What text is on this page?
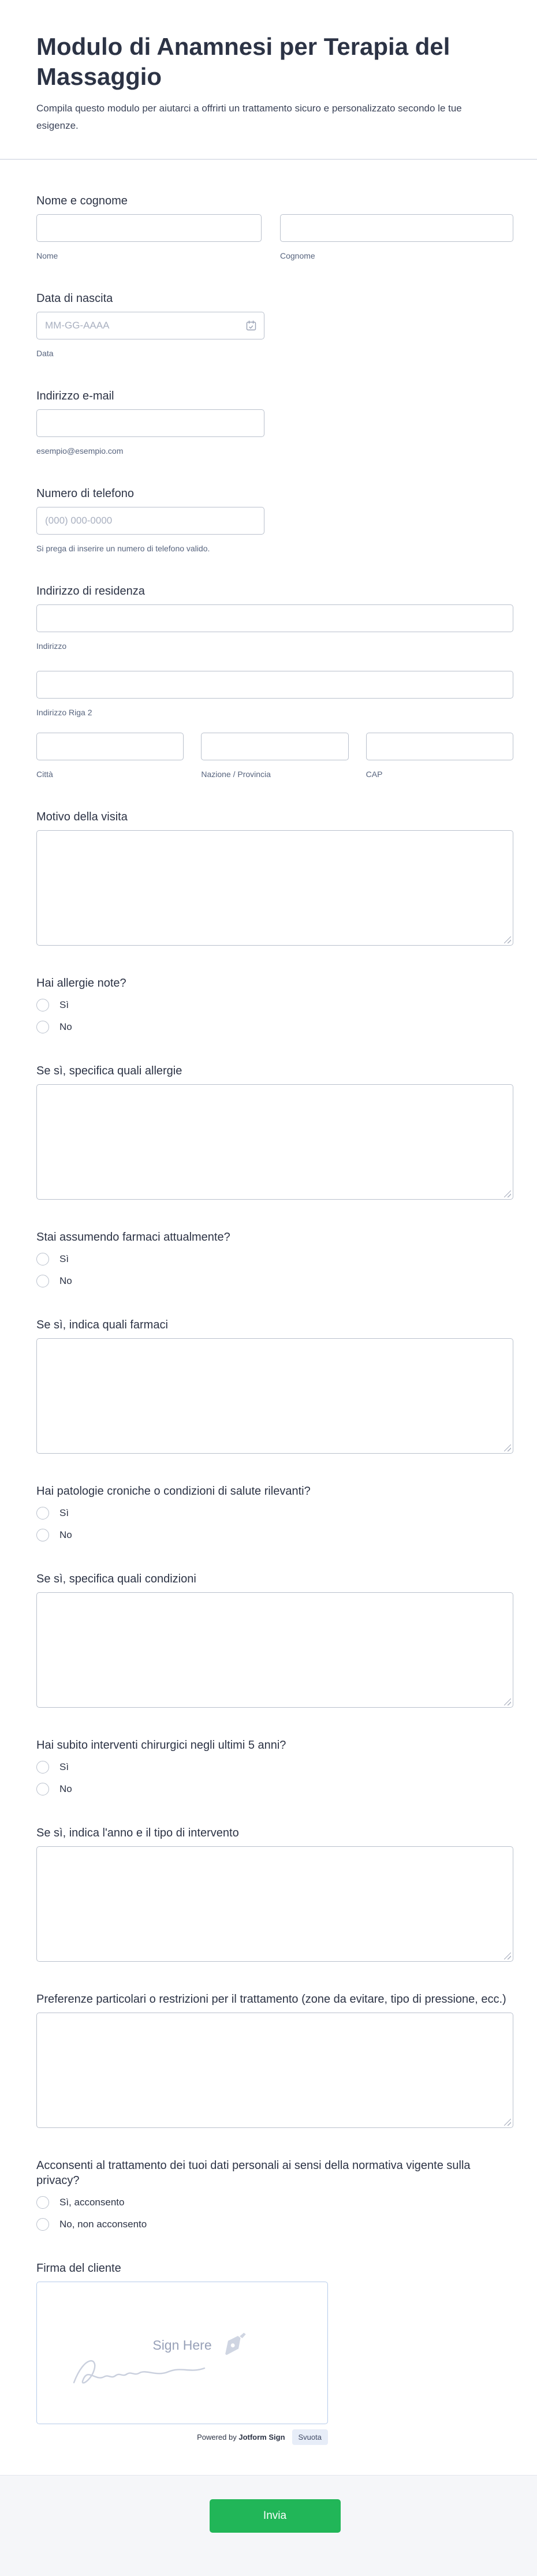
Modulo di Anamnesi per Terapia del Massaggio
Compila questo modulo per aiutarci a offrirti un trattamento sicuro e personalizzato secondo le tue esigenze.
Nome e cognome
Nome	Cognome
Data di nascita
MM-GG-AAAA
Data
Indirizzo e-mail
esempio@esempio.com
Numero di telefono
(000) 000-0000
Si prega di inserire un numero di telefono valido.
Indirizzo di residenza
Indirizzo
Indirizzo Riga 2
Città	Nazione / Provincia	CAP
Motivo della visita
Hai allergie note?
Sì
No
Se sì, specifica quali allergie
Stai assumendo farmaci attualmente?
Sì
No
Se sì, indica quali farmaci
Hai patologie croniche o condizioni di salute rilevanti?
Sì
No
Se sì, specifica quali condizioni
Hai subito interventi chirurgici negli ultimi 5 anni?
Sì
No
Se sì, indica l'anno e il tipo di intervento
Preferenze particolari o restrizioni per il trattamento (zone da evitare, tipo di pressione, ecc.)
Acconsenti al trattamento dei tuoi dati personali ai sensi della normativa vigente sulla privacy?
Sì, acconsento
No, non acconsento
Firma del cliente
Sign Here
Powered by Jotform Sign	Svuota
Invia
